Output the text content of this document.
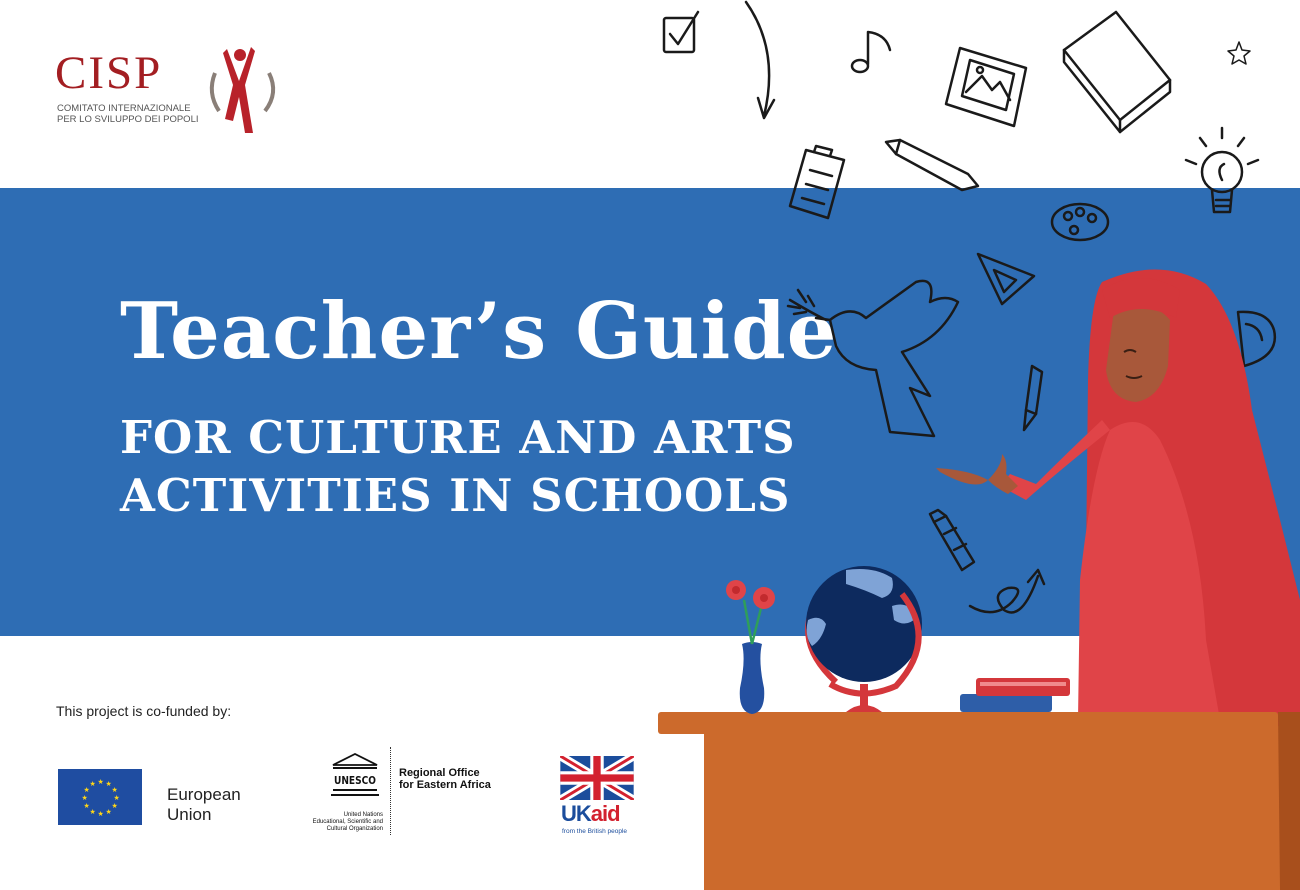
CISP
COMITATO INTERNAZIONALE
PER LO SVILUPPO DEI POPOLI
Teacher’s Guide
FOR CULTURE AND ARTS
ACTIVITIES IN SCHOOLS
This project is co-funded by:
★ ★
★
★
★
★
★
★
★
★
★
★
European
Union
UNESCO
Regional Office
for Eastern Africa
United Nations
Educational, Scientific and
Cultural Organization
UKaid
from the British people
